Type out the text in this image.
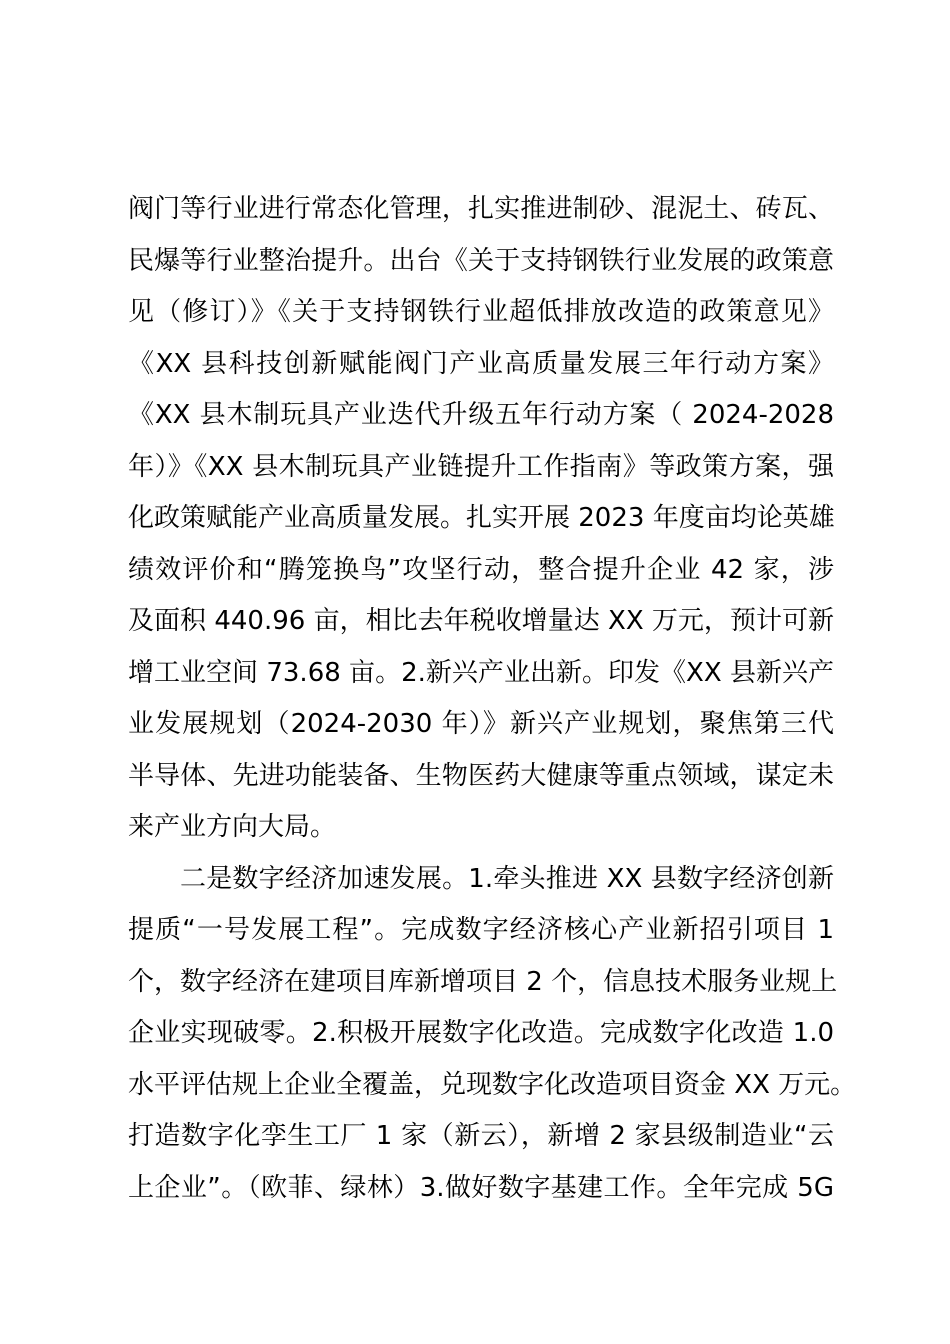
阀门等行业进行常态化管理，扎实推进制砂、混泥土、砖瓦、
民爆等行业整治提升。出台《关于支持钢铁行业发展的政策意
见（修订）》《关于支持钢铁行业超低排放改造的政策意见》
《XX 县科技创新赋能阀门产业高质量发展三年行动方案》
《XX 县木制玩具产业迭代升级五年行动方案（ 2024-2028
年）》《XX 县木制玩具产业链提升工作指南》等政策方案，强
化政策赋能产业高质量发展。扎实开展 2023 年度亩均论英雄
绩效评价和“腾笼换鸟”攻坚行动，整合提升企业 42 家，涉
及面积 440.96 亩，相比去年税收增量达 XX 万元，预计可新
增工业空间 73.68 亩。2.新兴产业出新。印发《XX 县新兴产
业发展规划（2024-2030 年）》新兴产业规划，聚焦第三代
半导体、先进功能装备、生物医药大健康等重点领域，谋定未
来产业方向大局。
二是数字经济加速发展。1.牵头推进 XX 县数字经济创新
提质“一号发展工程”。完成数字经济核心产业新招引项目 1
个，数字经济在建项目库新增项目 2 个，信息技术服务业规上
企业实现破零。2.积极开展数字化改造。完成数字化改造 1.0
水平评估规上企业全覆盖，兑现数字化改造项目资金 XX 万元。
打造数字化孪生工厂 1 家（新云），新增 2 家县级制造业“云
上企业”。（欧菲、绿林）3.做好数字基建工作。全年完成 5G
